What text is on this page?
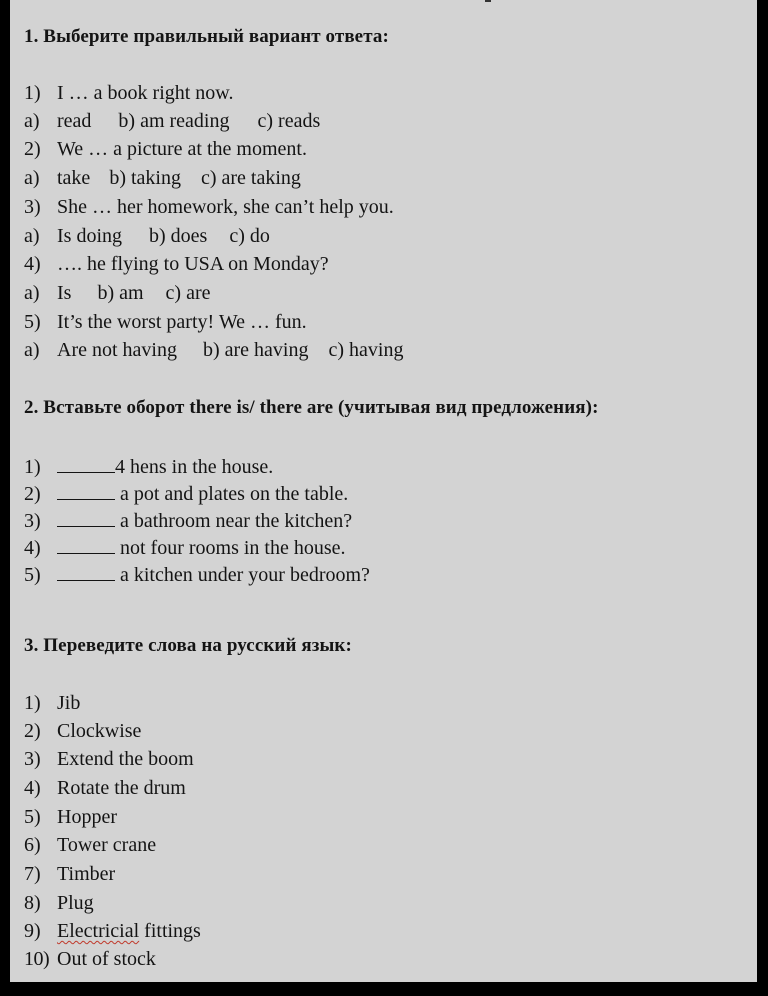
1. Выберите правильный вариант ответа:
1) I … a book right now.
a) read b) am reading c) reads
2) We … a picture at the moment.
a) take b) taking c) are taking
3) She … her homework, she can’t help you.
a) Is doing b) does c) do
4) …. he flying to USA on Monday?
a) Is b) am c) are
5) It’s the worst party! We … fun.
a) Are not having b) are having c) having
2. Вставьте оборот there is/ there are (учитывая вид предложения):
1)	4 hens in the house.
2)	a pot and plates on the table.
3)	a bathroom near the kitchen?
4)	not four rooms in the house.
5)	a kitchen under your bedroom?
3. Переведите слова на русский язык:
1) Jib
2) Clockwise
3) Extend the boom
4) Rotate the drum
5) Hopper
6) Tower crane
7) Timber
8) Plug
9) Electricial fittings
10) Out of stock
